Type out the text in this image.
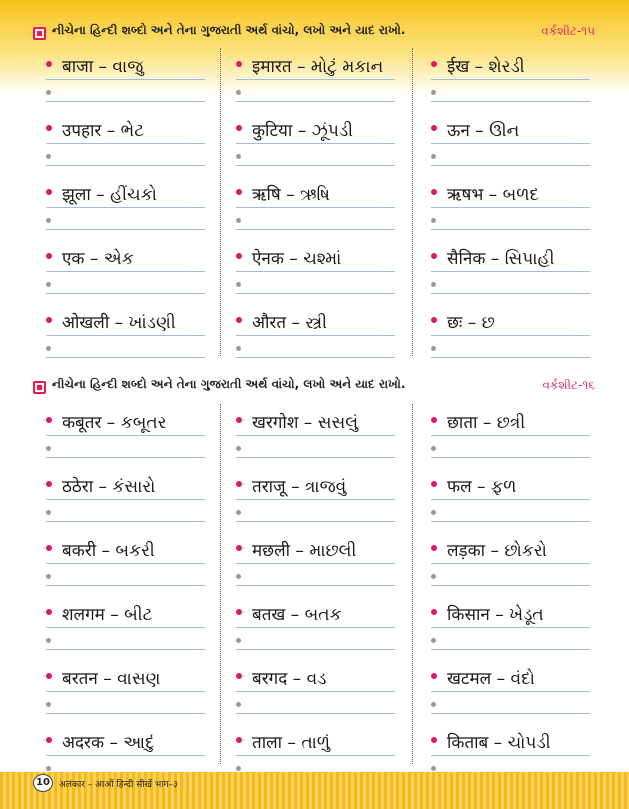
નીચેના હિન્દી શબ્દો અને તેના ગુજરાતી અર્થ વાંચો, લખો અને યાદ રાખો.	વર્કશીટ-૧૫
बाजा – વાજુ
उपहार – ભેટ
झूला – હીંચકો
एक – એક
ओखली – ખાંડણી
इमारत – મોટું મકાન
कुटिया – ઝૂંપડી
ऋषि – ઋષિ
ऐनक – ચશ્માં
औरत – સ્ત્રી
ईख – શેરડી
ऊन – ઊન
ऋषभ – બળદ
सैनिक – સિપાહી
छः – છ
નીચેના હિન્દી શબ્દો અને તેના ગુજરાતી અર્થ વાંચો, લખો અને યાદ રાખો.	વર્કશીટ-૧૬
कबूतर – કબૂતર
ठठेरा – કંસારો
बकरी – બકરી
शलगम – બીટ
बरतन – વાસણ
अदरक – આદું
खरगोश – સસલું
तराजू – ત્રાજવું
मछली – માછલી
बतख – બતક
बरगद – વડ
ताला – તાળું
छाता – છત્રી
फल – ફળ
लड़का – છોકરો
किसान – ખેડૂત
खटमल – વંદો
किताब – ચોપડી
10	अलंकार – आओं हिन्दी सीखें भाग–३
